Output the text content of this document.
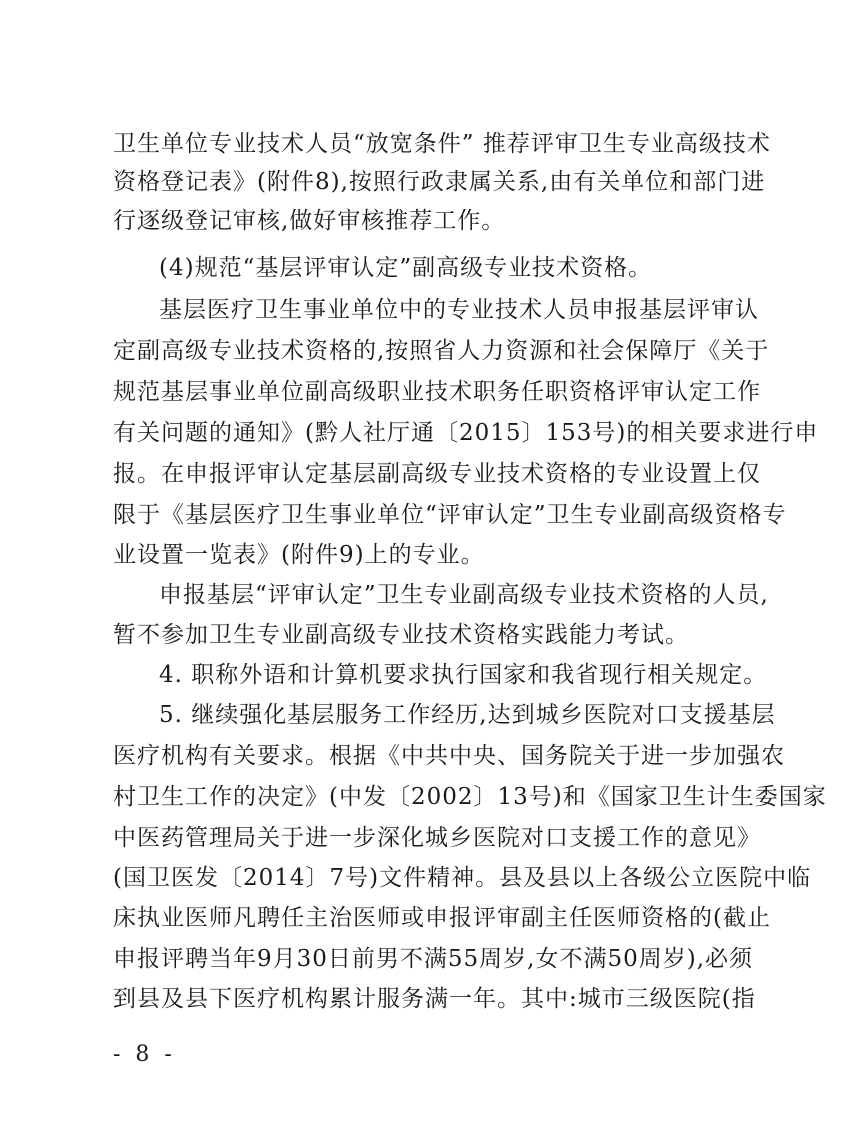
卫生单位专业技术人员“放宽条件” 推荐评审卫生专业高级技术
资格登记表》(附件8),按照行政隶属关系,由有关单位和部门进
行逐级登记审核,做好审核推荐工作。
(4)规范“基层评审认定”副高级专业技术资格。
基层医疗卫生事业单位中的专业技术人员申报基层评审认
定副高级专业技术资格的,按照省人力资源和社会保障厅《关于
规范基层事业单位副高级职业技术职务任职资格评审认定工作
有关问题的通知》(黔人社厅通〔2015〕153号)的相关要求进行申
报。在申报评审认定基层副高级专业技术资格的专业设置上仅
限于《基层医疗卫生事业单位“评审认定”卫生专业副高级资格专
业设置一览表》(附件9)上的专业。
申报基层“评审认定”卫生专业副高级专业技术资格的人员,
暂不参加卫生专业副高级专业技术资格实践能力考试。
4. 职称外语和计算机要求执行国家和我省现行相关规定。
5. 继续强化基层服务工作经历,达到城乡医院对口支援基层
医疗机构有关要求。根据《中共中央、国务院关于进一步加强农
村卫生工作的决定》(中发〔2002〕13号)和《国家卫生计生委国家
中医药管理局关于进一步深化城乡医院对口支援工作的意见》
(国卫医发〔2014〕7号)文件精神。县及县以上各级公立医院中临
床执业医师凡聘任主治医师或申报评审副主任医师资格的(截止
申报评聘当年9月30日前男不满55周岁,女不满50周岁),必须
到县及县下医疗机构累计服务满一年。其中:城市三级医院(指
- 8 -
